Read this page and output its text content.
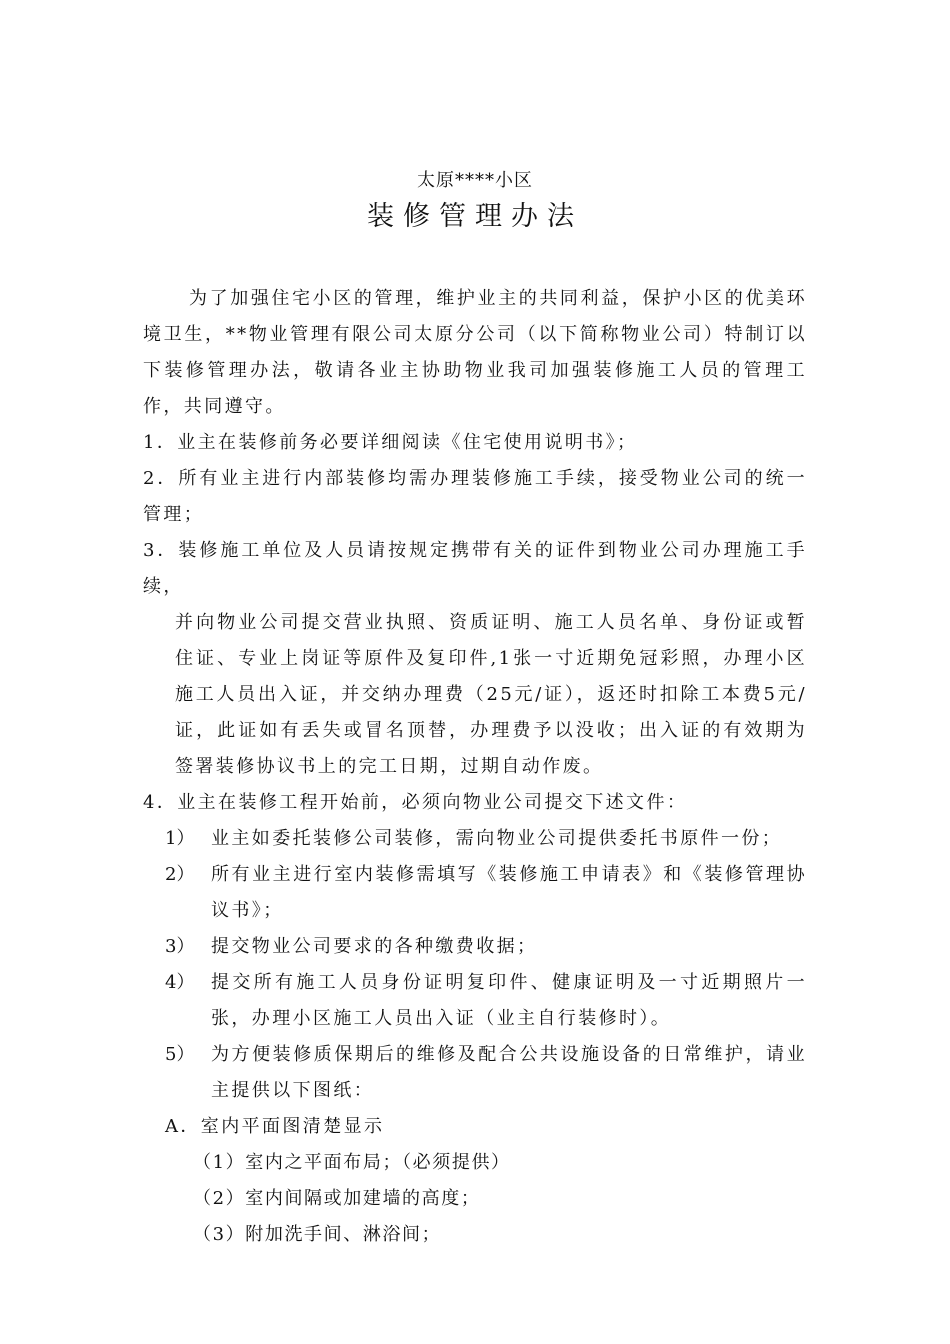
太原****小区
装修管理办法

为了加强住宅小区的管理，维护业主的共同利益，保护小区的优美环境卫生，**物业管理有限公司太原分公司（以下简称物业公司）特制订以下装修管理办法，敬请各业主协助物业我司加强装修施工人员的管理工作，共同遵守。

1．业主在装修前务必要详细阅读《住宅使用说明书》；

2．所有业主进行内部装修均需办理装修施工手续，接受物业公司的统一管理；

3．装修施工单位及人员请按规定携带有关的证件到物业公司办理施工手续，

并向物业公司提交营业执照、资质证明、施工人员名单、身份证或暂住证、专业上岗证等原件及复印件,1张一寸近期免冠彩照，办理小区施工人员出入证，并交纳办理费（25元/证），返还时扣除工本费5元/证，此证如有丢失或冒名顶替，办理费予以没收；出入证的有效期为签署装修协议书上的完工日期，过期自动作废。

4．业主在装修工程开始前，必须向物业公司提交下述文件：

1） 业主如委托装修公司装修，需向物业公司提供委托书原件一份；
2） 所有业主进行室内装修需填写《装修施工申请表》和《装修管理协议书》；
3） 提交物业公司要求的各种缴费收据；
4） 提交所有施工人员身份证明复印件、健康证明及一寸近期照片一张，办理小区施工人员出入证（业主自行装修时）。
5） 为方便装修质保期后的维修及配合公共设施设备的日常维护，请业主提供以下图纸：

A．室内平面图清楚显示

（1）室内之平面布局；（必须提供）

（2）室内间隔或加建墙的高度；

（3）附加洗手间、淋浴间；
